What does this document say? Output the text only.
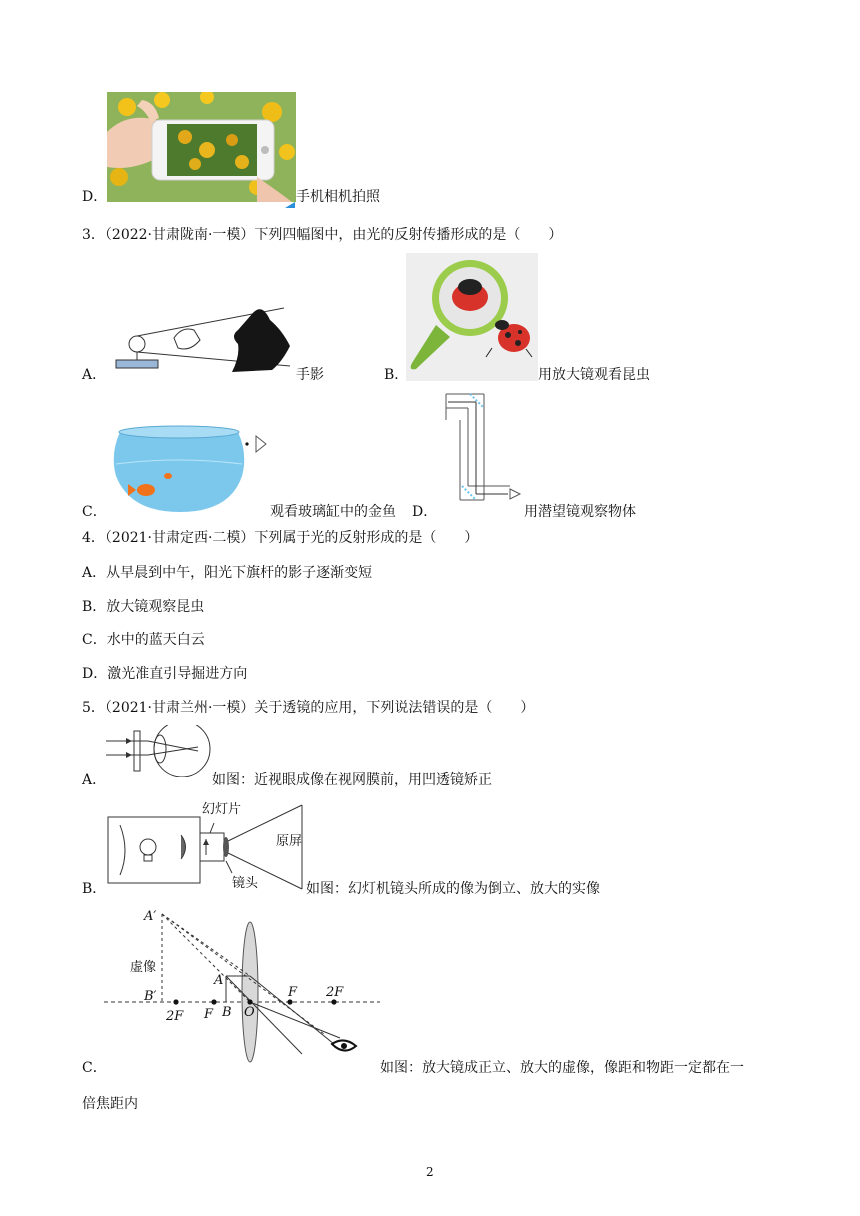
D．	手机相机拍照
3．（2022·甘肃陇南·一模）下列四幅图中，由光的反射传播形成的是（　　）
A．	手影	B．	用放大镜观看昆虫
C．	观看玻璃缸中的金鱼 D．	用潜望镜观察物体
4．（2021·甘肃定西·二模）下列属于光的反射形成的是（　　）
A．从早晨到中午，阳光下旗杆的影子逐渐变短
B．放大镜观察昆虫
C．水中的蓝天白云
D．激光准直引导掘进方向
5．（2021·甘肃兰州·一模）关于透镜的应用，下列说法错误的是（　　）
A．	如图：近视眼成像在视网膜前，用凹透镜矫正
幻灯片
镜头
原屏
B．	如图：幻灯机镜头所成的像为倒立、放大的实像
A′
虚像
B′
2F F B
A
O
F 2F
C．	如图：放大镜成正立、放大的虚像，像距和物距一定都在一
倍焦距内
2
